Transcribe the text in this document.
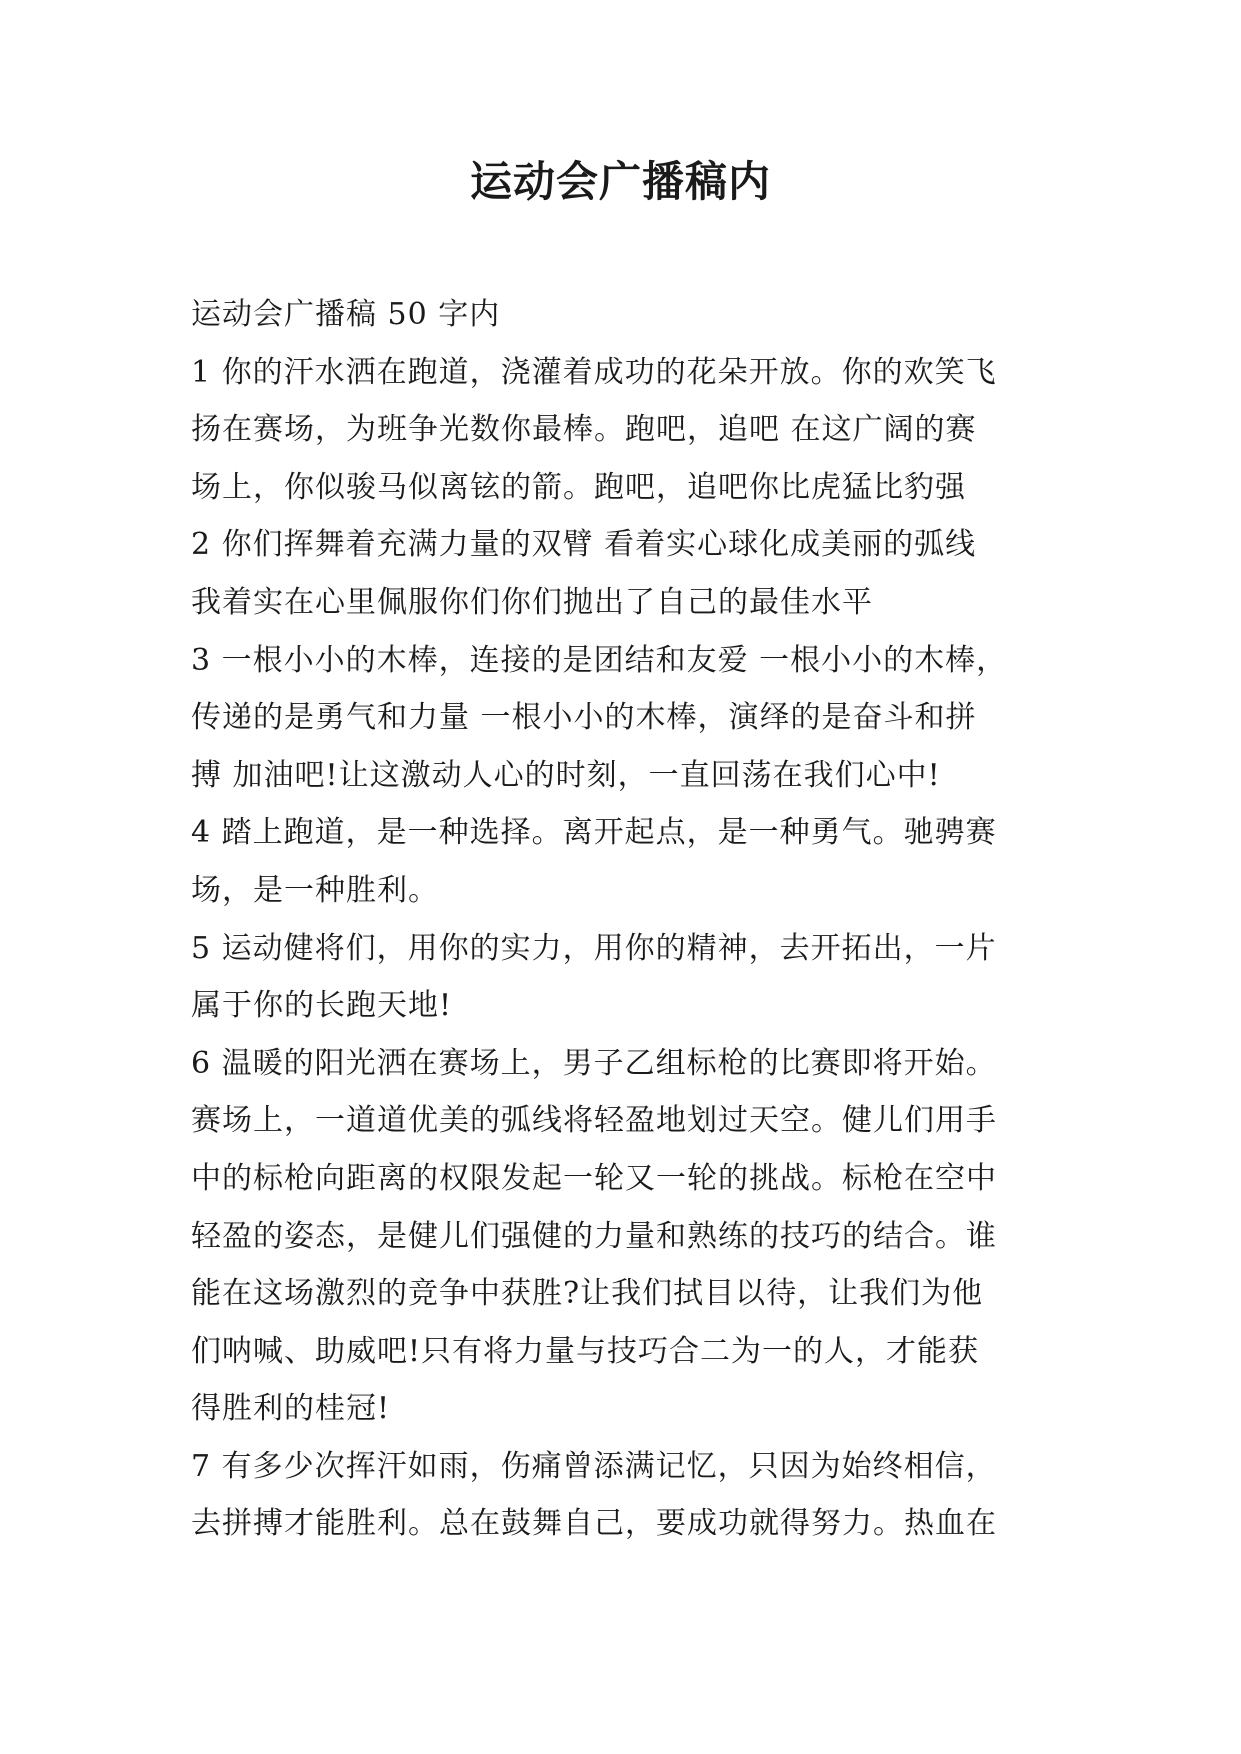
运动会广播稿内

运动会广播稿 50 字内

1 你的汗水洒在跑道，浇灌着成功的花朵开放。你的欢笑飞

扬在赛场，为班争光数你最棒。跑吧，追吧 在这广阔的赛

场上，你似骏马似离铉的箭。跑吧，追吧你比虎猛比豹强

2 你们挥舞着充满力量的双臂 看着实心球化成美丽的弧线

我着实在心里佩服你们你们抛出了自己的最佳水平

3 一根小小的木棒，连接的是团结和友爱 一根小小的木棒，

传递的是勇气和力量 一根小小的木棒，演绎的是奋斗和拼

搏 加油吧!让这激动人心的时刻，一直回荡在我们心中!

4 踏上跑道，是一种选择。离开起点，是一种勇气。驰骋赛

场，是一种胜利。

5 运动健将们，用你的实力，用你的精神，去开拓出，一片

属于你的长跑天地!

6 温暖的阳光洒在赛场上，男子乙组标枪的比赛即将开始。

赛场上，一道道优美的弧线将轻盈地划过天空。健儿们用手

中的标枪向距离的权限发起一轮又一轮的挑战。标枪在空中

轻盈的姿态，是健儿们强健的力量和熟练的技巧的结合。谁

能在这场激烈的竞争中获胜?让我们拭目以待，让我们为他

们呐喊、助威吧!只有将力量与技巧合二为一的人，才能获

得胜利的桂冠!

7 有多少次挥汗如雨，伤痛曾添满记忆，只因为始终相信，

去拼搏才能胜利。总在鼓舞自己，要成功就得努力。热血在
